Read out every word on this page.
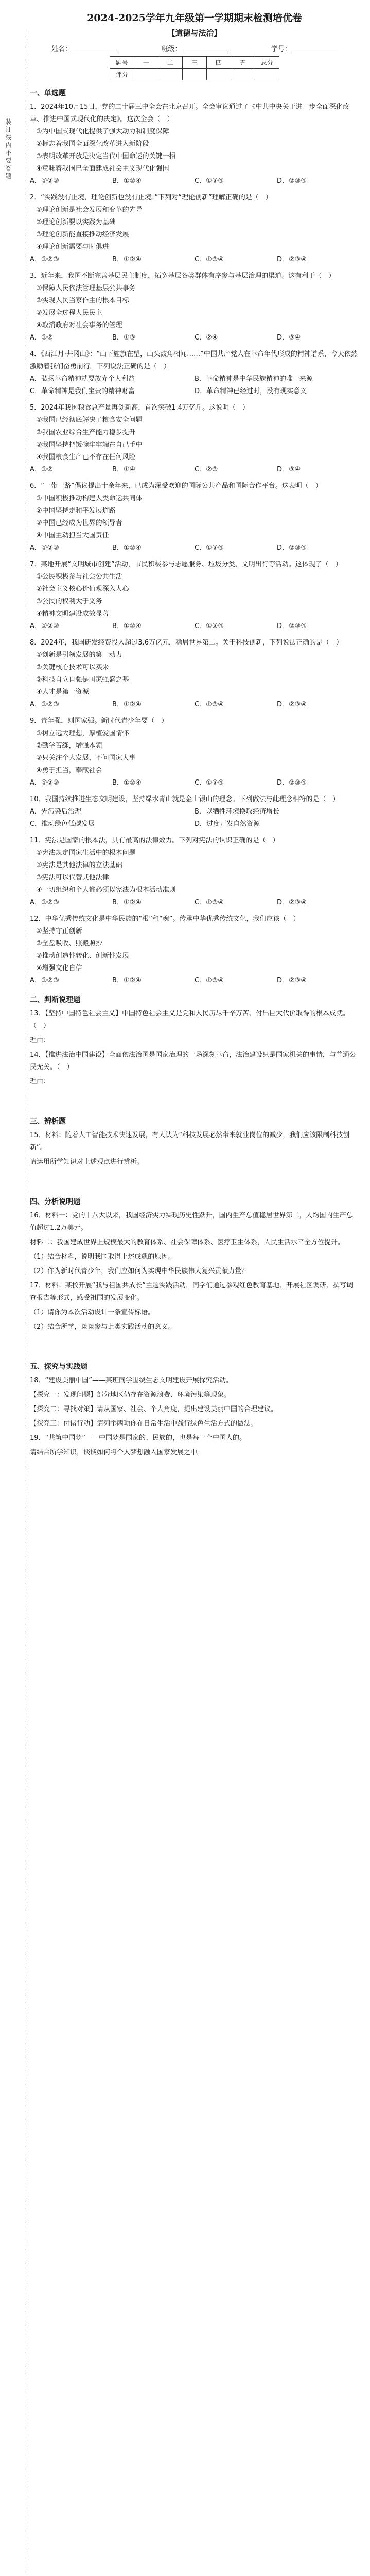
装订线内不要答题
2024-2025学年九年级第一学期期末检测培优卷
【道德与法治】
姓名：	班级：	学号：
题号	一	二	三	四	五	总分
评分						
一、单选题
1．2024年10月15日，党的二十届三中全会在北京召开。全会审议通过了《中共中央关于进一步全面深化改革、推进中国式现代化的决定》。这次全会（　）
①为中国式现代化提供了强大动力和制度保障
②标志着我国全面深化改革进入新阶段
③表明改革开放是决定当代中国命运的关键一招
④意味着我国已全面建成社会主义现代化强国
A．①②③	B．①②④	C．①③④	D．②③④
2．“实践没有止境，理论创新也没有止境。”下列对“理论创新”理解正确的是（　）
①理论创新是社会发展和变革的先导
②理论创新要以实践为基础
③理论创新能直接推动经济发展
④理论创新需要与时俱进
A．①②③	B．①②④	C．①③④	D．②③④
3．近年来，我国不断完善基层民主制度，拓宽基层各类群体有序参与基层治理的渠道。这有利于（　）
①保障人民依法管理基层公共事务
②实现人民当家作主的根本目标
③发展全过程人民民主
④取消政府对社会事务的管理
A．①②	B．①③	C．②④	D．③④
4．《西江月·井冈山》：“山下旌旗在望，山头鼓角相闻……”中国共产党人在革命年代形成的精神谱系，今天依然激励着我们奋勇前行。下列说法正确的是（　）
A．弘扬革命精神就要放弃个人利益	B．革命精神是中华民族精神的唯一来源
C．革命精神是我们宝贵的精神财富	D．革命精神已经过时，没有现实意义
5．2024年我国粮食总产量再创新高，首次突破1.4万亿斤。这说明（　）
①我国已经彻底解决了粮食安全问题
②我国农业综合生产能力稳步提升
③我国坚持把饭碗牢牢端在自己手中
④我国粮食生产已不存在任何风险
A．①②	B．①④	C．②③	D．③④
6．“一带一路”倡议提出十余年来，已成为深受欢迎的国际公共产品和国际合作平台。这表明（　）
①中国积极推动构建人类命运共同体
②中国坚持走和平发展道路
③中国已经成为世界的领导者
④中国主动担当大国责任
A．①②③	B．①②④	C．①③④	D．②③④
7．某地开展“文明城市创建”活动，市民积极参与志愿服务、垃圾分类、文明出行等活动。这体现了（　）
①公民积极参与社会公共生活
②社会主义核心价值观深入人心
③公民的权利大于义务
④精神文明建设成效显著
A．①②③	B．①②④	C．①③④	D．②③④
8．2024年，我国研发经费投入超过3.6万亿元，稳居世界第二。关于科技创新，下列说法正确的是（　）
①创新是引领发展的第一动力
②关键核心技术可以买来
③科技自立自强是国家强盛之基
④人才是第一资源
A．①②③	B．①②④	C．①③④	D．②③④
9．青年强，则国家强。新时代青少年要（　）
①树立远大理想，厚植爱国情怀
②勤学苦练，增强本领
③只关注个人发展，不问国家大事
④勇于担当，奉献社会
A．①②③	B．①②④	C．①③④	D．②③④
10．我国持续推进生态文明建设，坚持绿水青山就是金山银山的理念。下列做法与此理念相符的是（　）
A．先污染后治理	B．以牺牲环境换取经济增长
C．推动绿色低碳发展	D．过度开发自然资源
11．宪法是国家的根本法，具有最高的法律效力。下列对宪法的认识正确的是（　）
①宪法规定国家生活中的根本问题
②宪法是其他法律的立法基础
③宪法可以代替其他法律
④一切组织和个人都必须以宪法为根本活动准则
A．①②③	B．①②④	C．①③④	D．②③④
12．中华优秀传统文化是中华民族的“根”和“魂”。传承中华优秀传统文化，我们应该（　）
①坚持守正创新
②全盘吸收、照搬照抄
③推动创造性转化、创新性发展
④增强文化自信
A．①②③	B．①②④	C．①③④	D．②③④
二、判断说理题
13．【坚持中国特色社会主义】中国特色社会主义是党和人民历尽千辛万苦、付出巨大代价取得的根本成就。（　）
理由：
14．【推进法治中国建设】全面依法治国是国家治理的一场深刻革命，法治建设只是国家机关的事情，与普通公民无关。（　）
理由：
三、辨析题
15．材料：随着人工智能技术快速发展，有人认为“科技发展必然带来就业岗位的减少，我们应该限制科技创新”。
请运用所学知识对上述观点进行辨析。
四、分析说明题
16．材料一：党的十八大以来，我国经济实力实现历史性跃升，国内生产总值稳居世界第二，人均国内生产总值超过1.2万美元。
材料二：我国建成世界上规模最大的教育体系、社会保障体系、医疗卫生体系，人民生活水平全方位提升。
（1）结合材料，说明我国取得上述成就的原因。
（2）作为新时代青少年，我们应如何为实现中华民族伟大复兴贡献力量？
17．材料：某校开展“我与祖国共成长”主题实践活动，同学们通过参观红色教育基地、开展社区调研、撰写调查报告等形式，感受祖国的发展变化。
（1）请你为本次活动设计一条宣传标语。
（2）结合所学，谈谈参与此类实践活动的意义。
五、探究与实践题
18．“建设美丽中国”——某班同学围绕生态文明建设开展探究活动。
【探究一：发现问题】部分地区仍存在资源浪费、环境污染等现象。
【探究二：寻找对策】请从国家、社会、个人角度，提出建设美丽中国的合理建议。
【探究三：付诸行动】请列举两项你在日常生活中践行绿色生活方式的做法。
19．“共筑中国梦”——中国梦是国家的、民族的，也是每一个中国人的。
请结合所学知识，谈谈如何将个人梦想融入国家发展之中。
